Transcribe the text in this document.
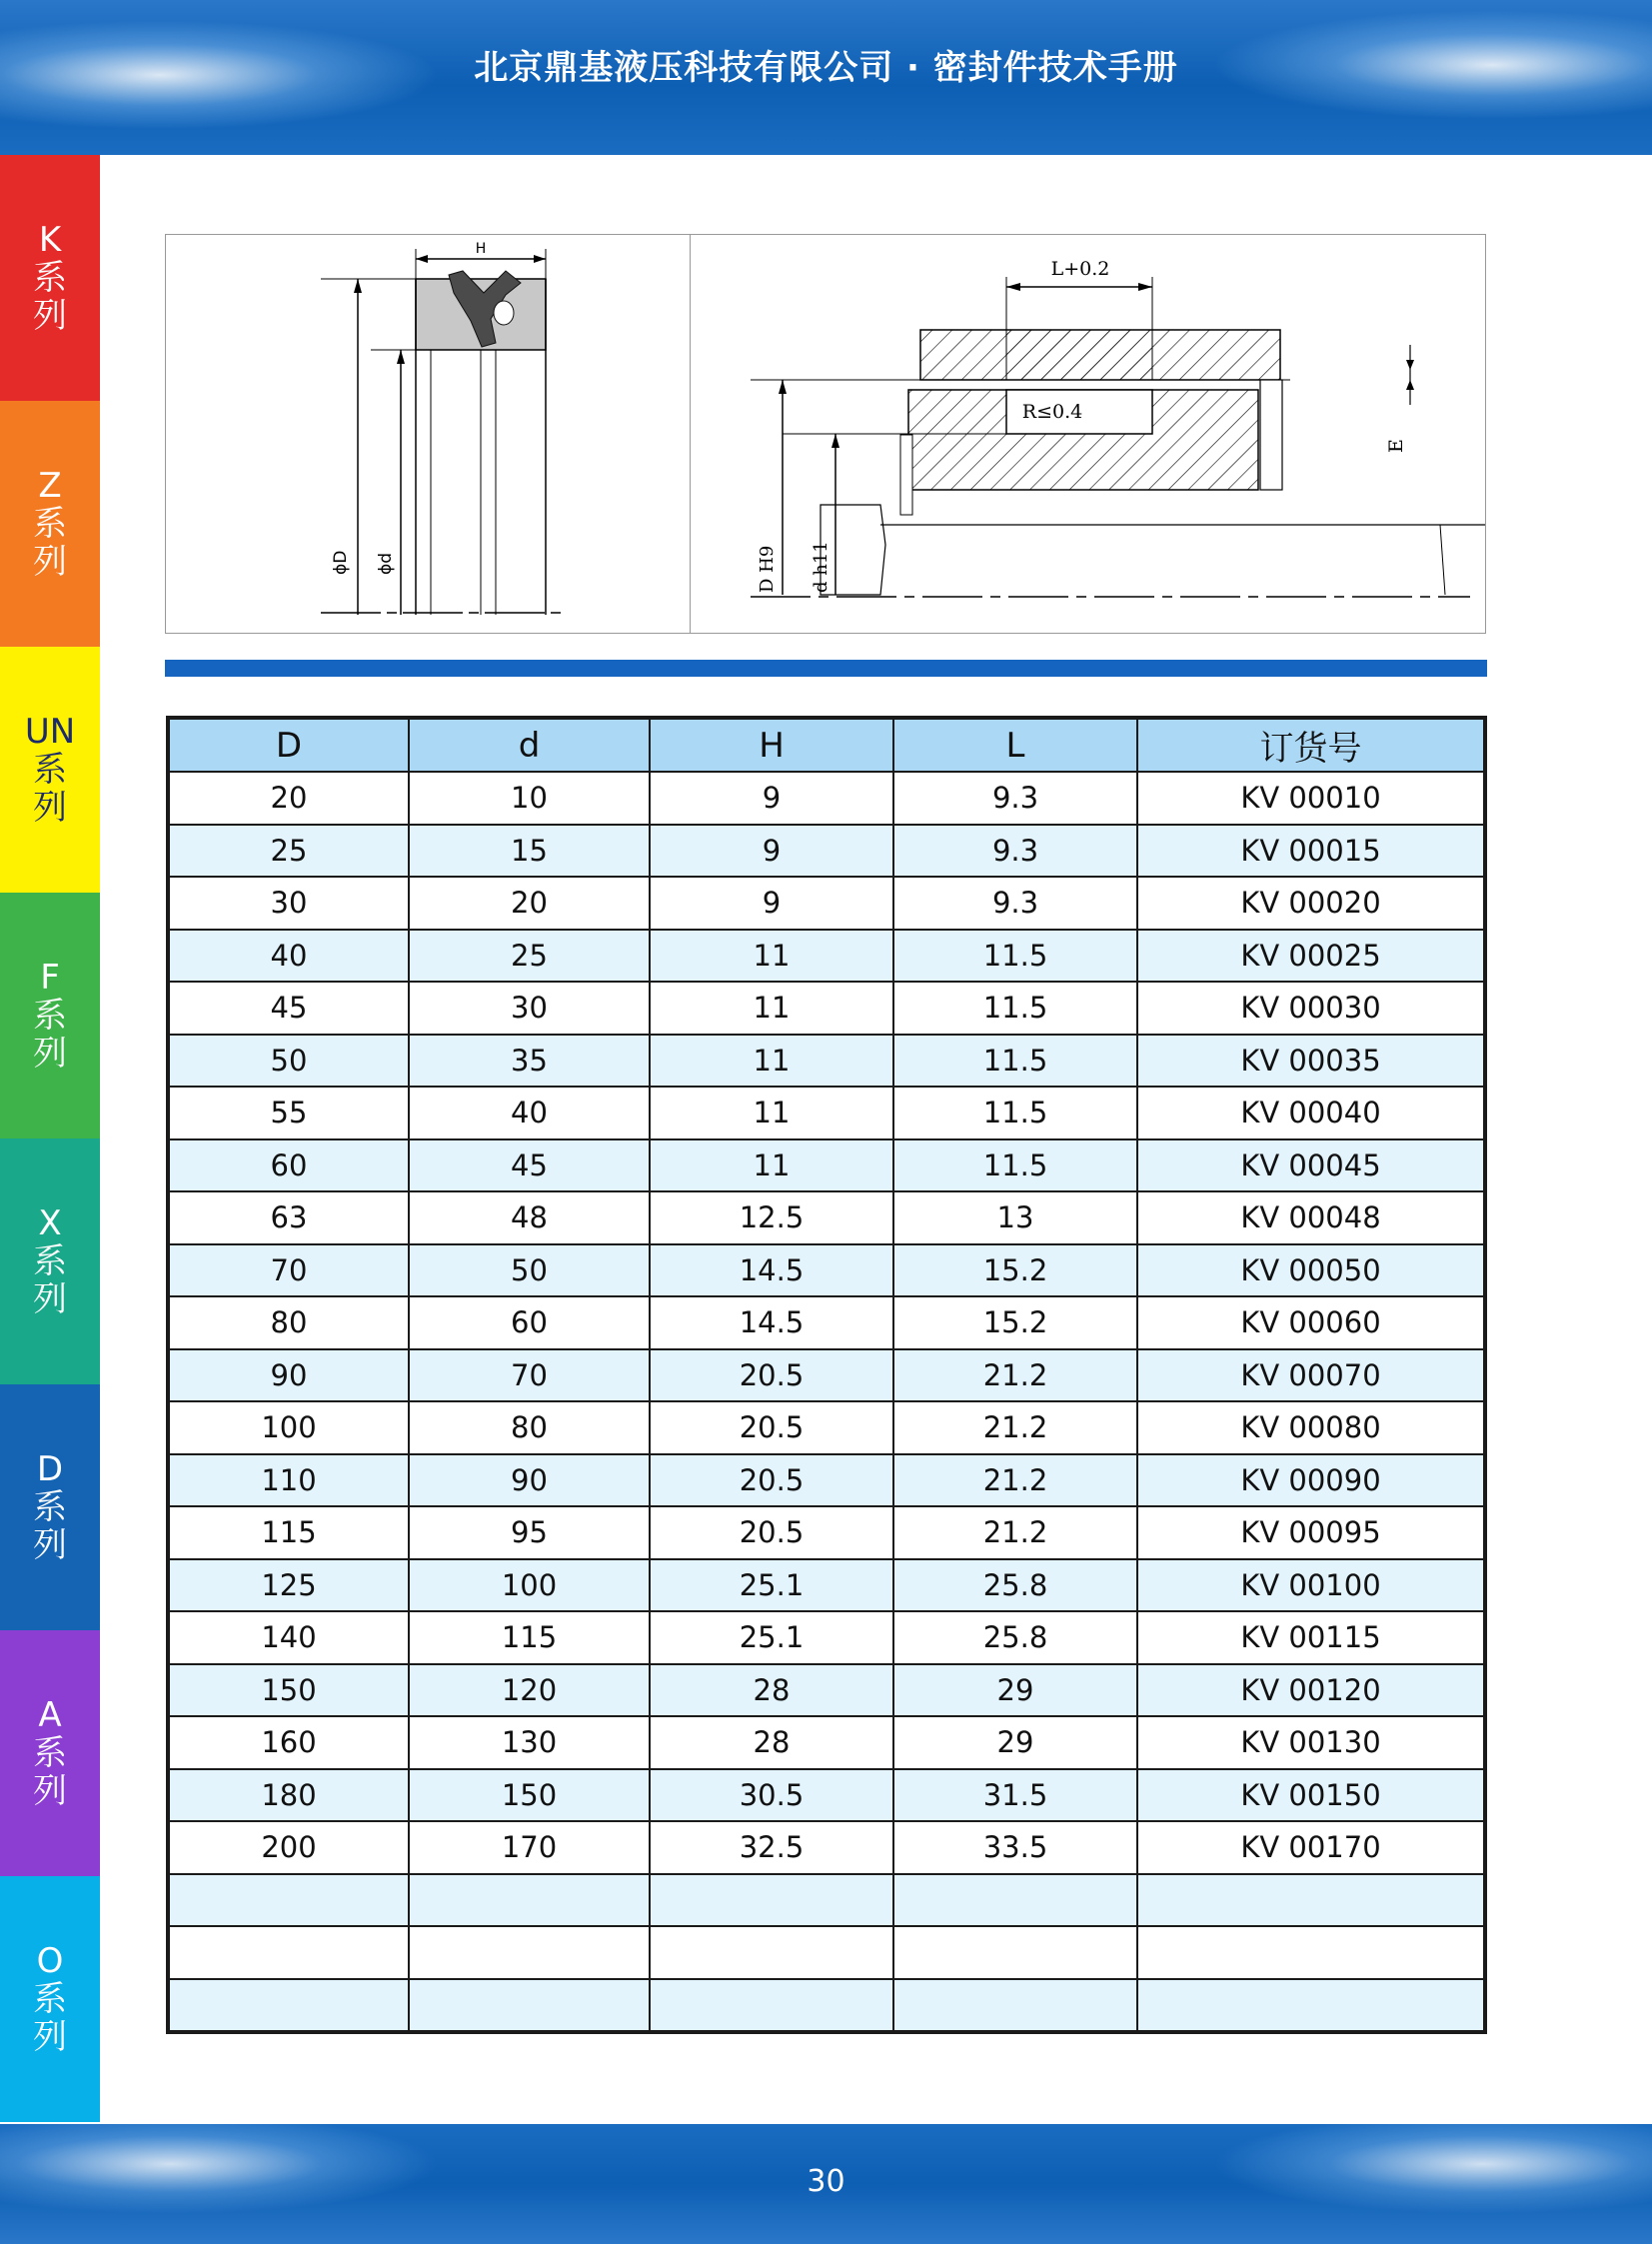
北京鼎基液压科技有限公司 · 密封件技术手册
K
系
列
Z
系
列
UN
系
列
F
系
列
X
系
列
D
系
列
A
系
列
O
系
列
H
ϕD ϕd
L+0.2
R≤0.4
E
D H9 d h11
D	d	H	L	订货号
20	10	9	9.3	KV 00010
25	15	9	9.3	KV 00015
30	20	9	9.3	KV 00020
40	25	11	11.5	KV 00025
45	30	11	11.5	KV 00030
50	35	11	11.5	KV 00035
55	40	11	11.5	KV 00040
60	45	11	11.5	KV 00045
63	48	12.5	13	KV 00048
70	50	14.5	15.2	KV 00050
80	60	14.5	15.2	KV 00060
90	70	20.5	21.2	KV 00070
100	80	20.5	21.2	KV 00080
110	90	20.5	21.2	KV 00090
115	95	20.5	21.2	KV 00095
125	100	25.1	25.8	KV 00100
140	115	25.1	25.8	KV 00115
150	120	28	29	KV 00120
160	130	28	29	KV 00130
180	150	30.5	31.5	KV 00150
200	170	32.5	33.5	KV 00170

30
